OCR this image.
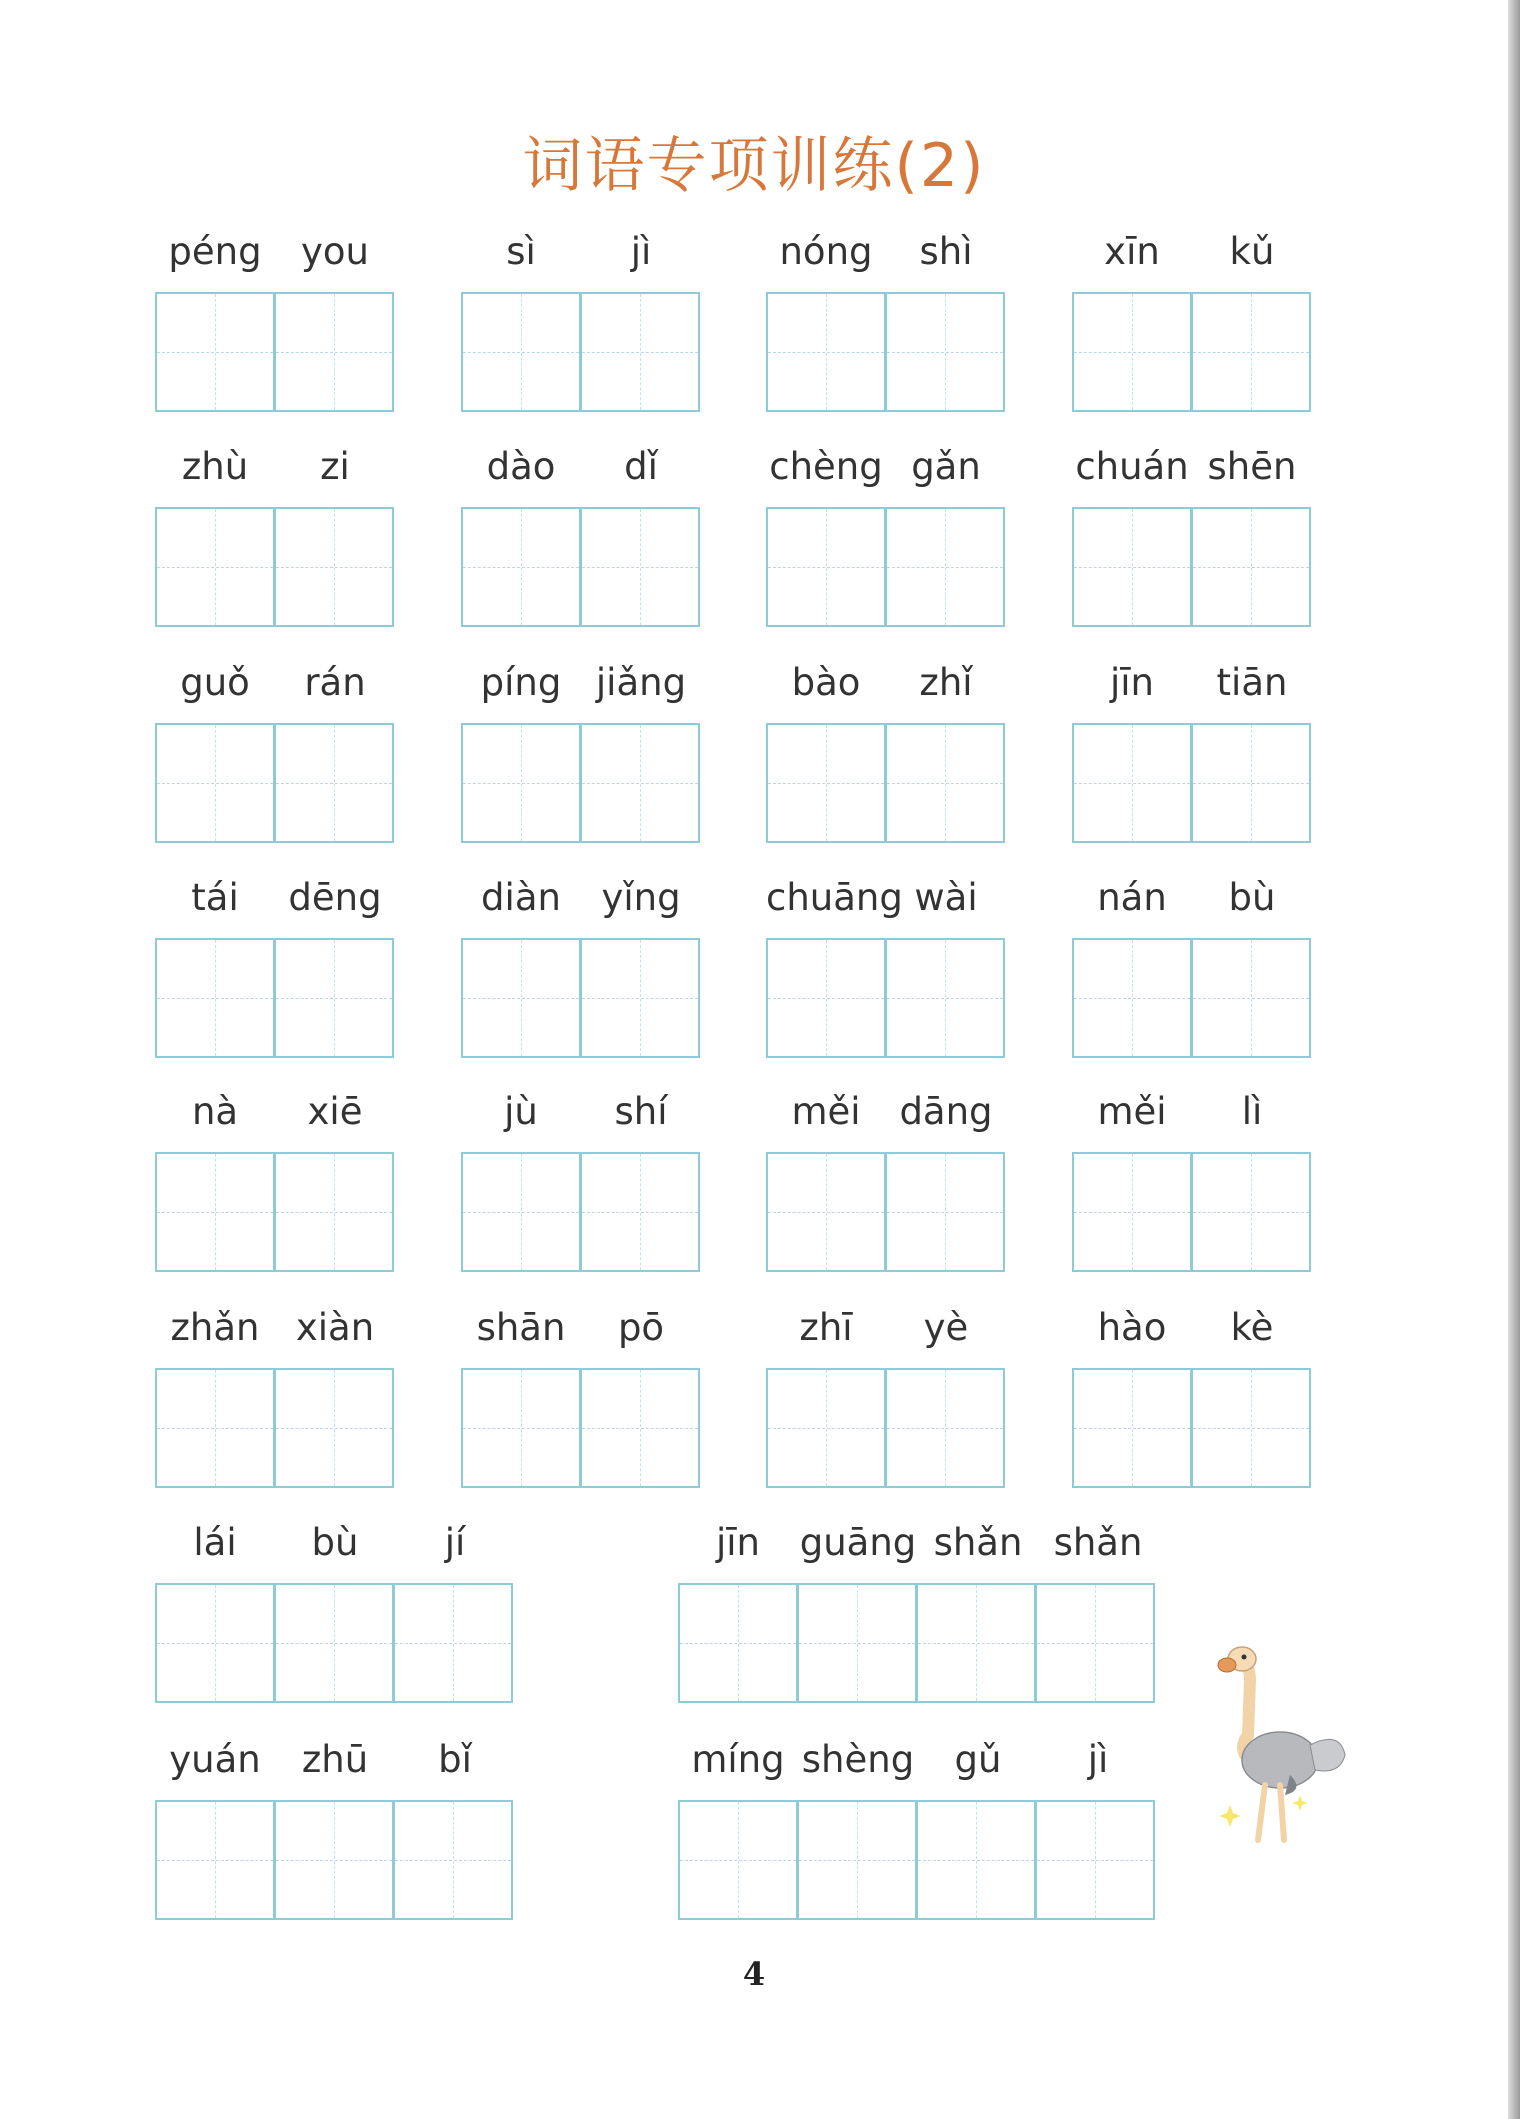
词语专项训练(2)
péng	you	sì	jì	nóng	shì	xīn	kǔ
zhù	zi	dào	dǐ	chèng gǎn	chuán shēn
guǒ	rán	píng jiǎng	bào	zhǐ	jīn	tiān
tái	dēng	diàn	yǐng	chuāng wài	nán	bù
nà	xiē	jù	shí	měi	dāng	měi	lì
zhǎn xiàn	shān	pō	zhī	yè	hào	kè
lái	bù	jí	jīn	guāng shǎn shǎn
yuán	zhū	bǐ	míng shèng	gǔ	jì
4
